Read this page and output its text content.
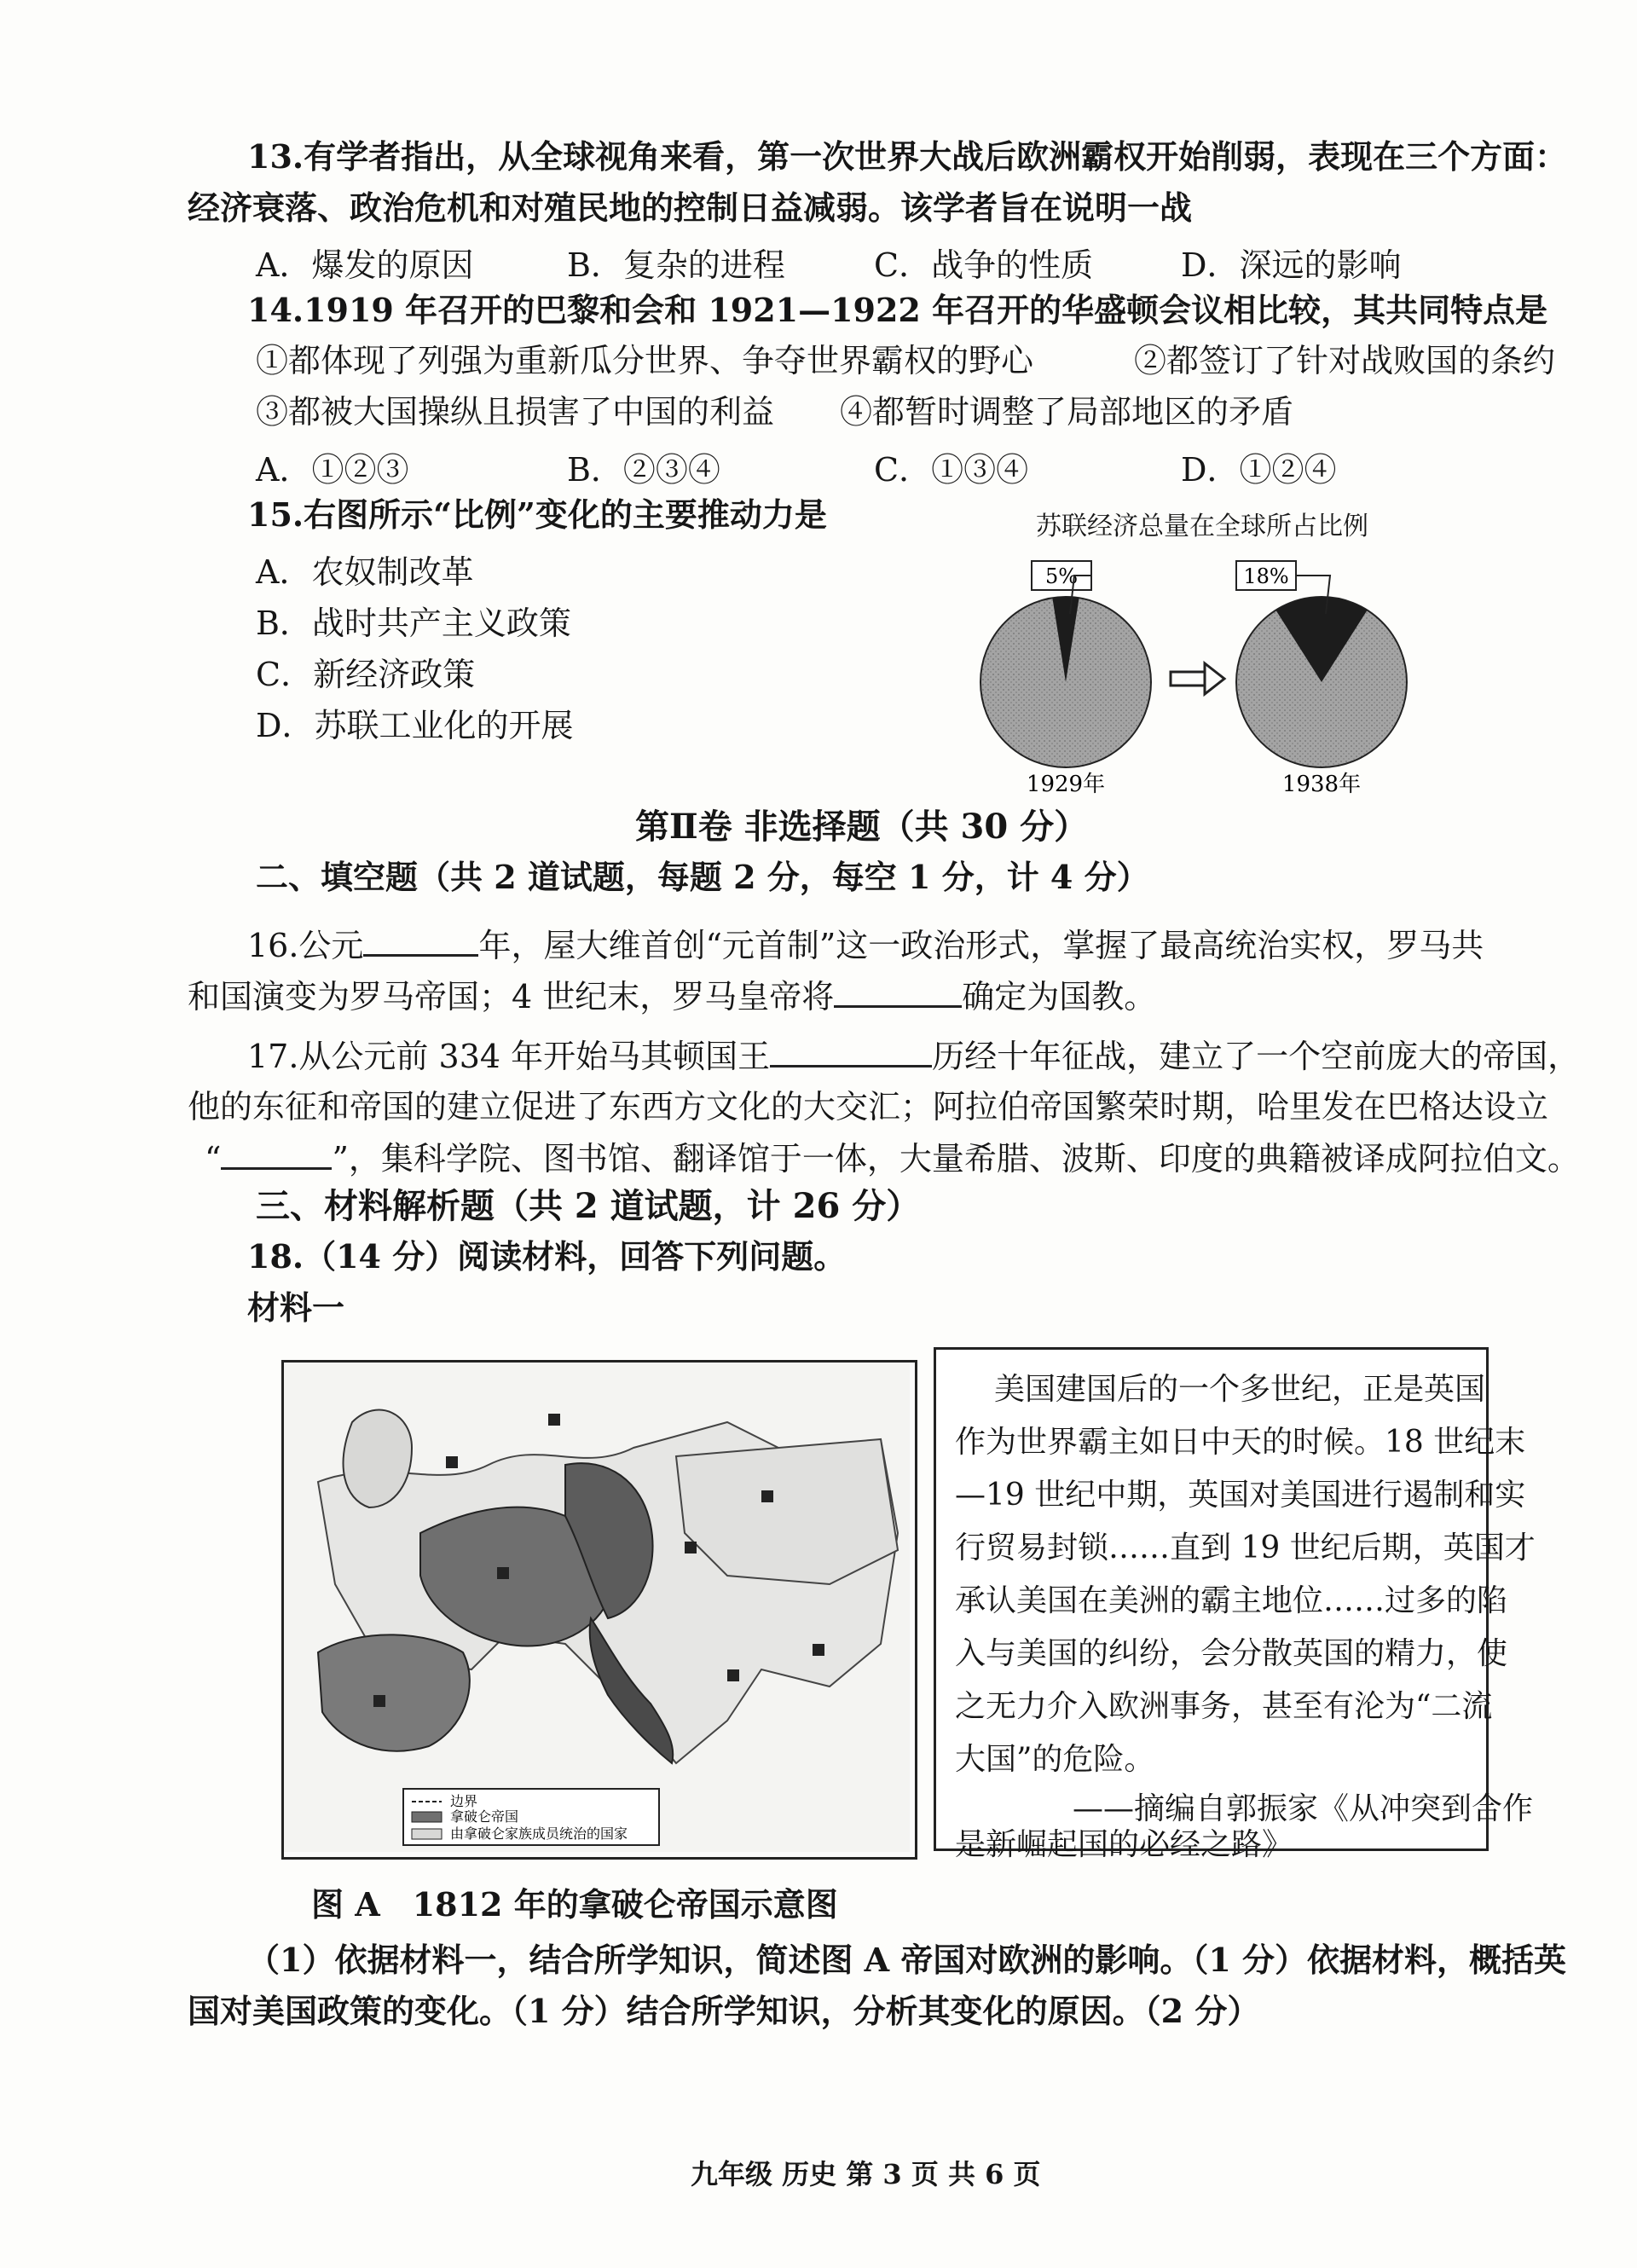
13.有学者指出，从全球视角来看，第一次世界大战后欧洲霸权开始削弱，表现在三个方面：
经济衰落、政治危机和对殖民地的控制日益减弱。该学者旨在说明一战
A．爆发的原因	B．复杂的进程	C．战争的性质	D．深远的影响
14.1919 年召开的巴黎和会和 1921—1922 年召开的华盛顿会议相比较，其共同特点是
①都体现了列强为重新瓜分世界、争夺世界霸权的野心	②都签订了针对战败国的条约
③都被大国操纵且损害了中国的利益 ④都暂时调整了局部地区的矛盾
A．①②③	B．②③④	C．①③④	D．①②④
15.右图所示“比例”变化的主要推动力是
A．农奴制改革
B．战时共产主义政策
C．新经济政策
D．苏联工业化的开展
苏联经济总量在全球所占比例
5%
1929年
18%
1938年
第Ⅱ卷 非选择题（共 30 分）
二、填空题（共 2 道试题，每题 2 分，每空 1 分，计 4 分）
16.公元	年，屋大维首创“元首制”这一政治形式，掌握了最高统治实权，罗马共
和国演变为罗马帝国；4 世纪末，罗马皇帝将	确定为国教。
17.从公元前 334 年开始马其顿国王	历经十年征战，建立了一个空前庞大的帝国，
他的东征和帝国的建立促进了东西方文化的大交汇；阿拉伯帝国繁荣时期，哈里发在巴格达设立
“	”，集科学院、图书馆、翻译馆于一体，大量希腊、波斯、印度的典籍被译成阿拉伯文。
三、材料解析题（共 2 道试题，计 26 分）
18.（14 分）阅读材料，回答下列问题。
材料一
边界
拿破仑帝国
由拿破仑家族成员统治的国家
美国建国后的一个多世纪，正是英国
作为世界霸主如日中天的时候。18 世纪末
—19 世纪中期，英国对美国进行遏制和实
行贸易封锁……直到 19 世纪后期，英国才
承认美国在美洲的霸主地位……过多的陷
入与美国的纠纷，会分散英国的精力，使
之无力介入欧洲事务，甚至有沦为“二流
大国”的危险。
——摘编自郭振家《从冲突到合作
是新崛起国的必经之路》
图 A　1812 年的拿破仑帝国示意图
（1）依据材料一，结合所学知识，简述图 A 帝国对欧洲的影响。（1 分）依据材料，概括英
国对美国政策的变化。（1 分）结合所学知识，分析其变化的原因。（2 分）
九年级 历史 第 3 页 共 6 页
